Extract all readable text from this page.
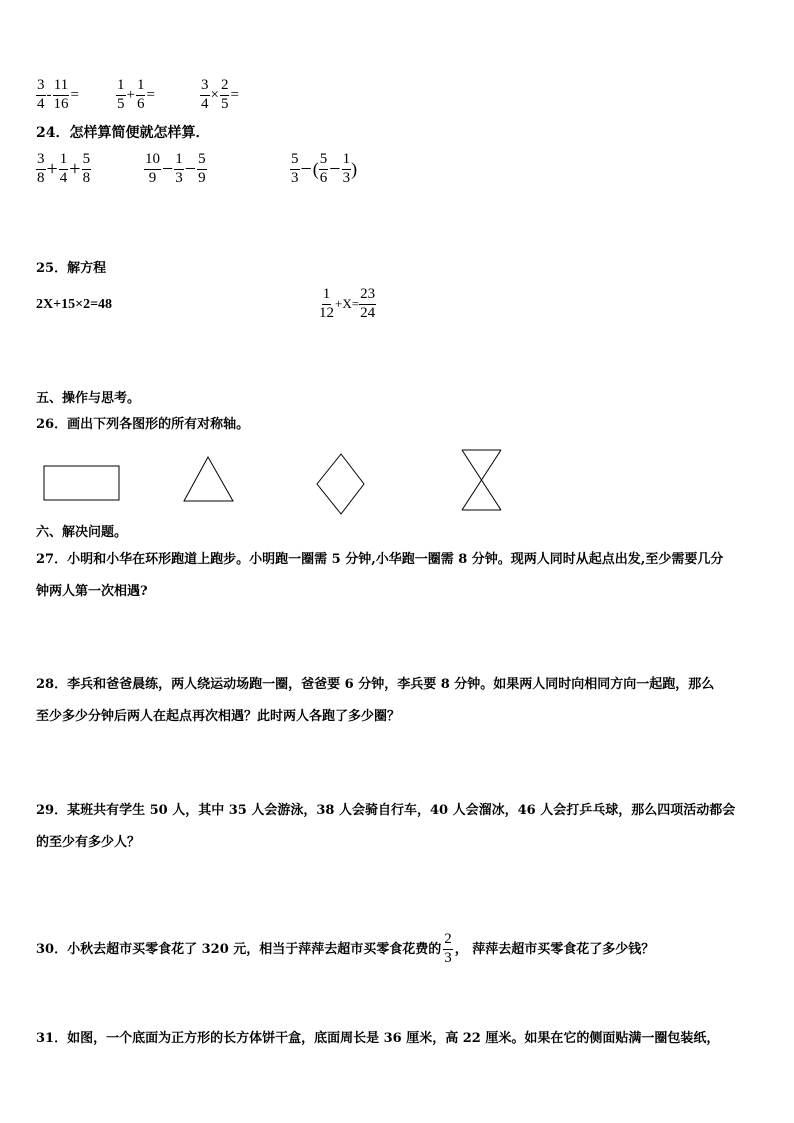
$\frac{3}{4} - \frac{11}{16} = \frac{1}{5} + \frac{1}{6}$ =	$\frac{3}{4} \times \frac{2}{5}$ =
24．怎样算简便就怎样算．
$\frac{3}{8} + \frac{1}{4} + \frac{5}{8}$	$\frac{10}{9} - \frac{1}{3} - \frac{5}{9}$	$\frac{5}{3}$ − ( $\frac{5}{6} - \frac{1}{3}$ )
25．解方程
2X+15×2=48	$\frac{1}{12} +X= \frac{23}{24}$
五、操作与思考。
26．画出下列各图形的所有对称轴。
六、解决问题。
27．小明和小华在环形跑道上跑步。小明跑一圈需 5 分钟,小华跑一圈需 8 分钟。现两人同时从起点出发,至少需要几分
钟两人第一次相遇?
28．李兵和爸爸晨练，两人绕运动场跑一圈，爸爸要 6 分钟，李兵要 8 分钟。如果两人同时向相同方向一起跑，那么
至少多少分钟后两人在起点再次相遇？此时两人各跑了多少圈？
29．某班共有学生 50 人，其中 35 人会游泳，38 人会骑自行车，40 人会溜冰，46 人会打乒乓球，那么四项活动都会
的至少有多少人？
30．小秋去超市买零食花了 320 元，相当于萍萍去超市买零食花费的 $\frac{2}{3}$ ， 萍萍去超市买零食花了多少钱？
31．如图，一个底面为正方形的长方体饼干盒，底面周长是 36 厘米，高 22 厘米。如果在它的侧面贴满一圈包装纸，
